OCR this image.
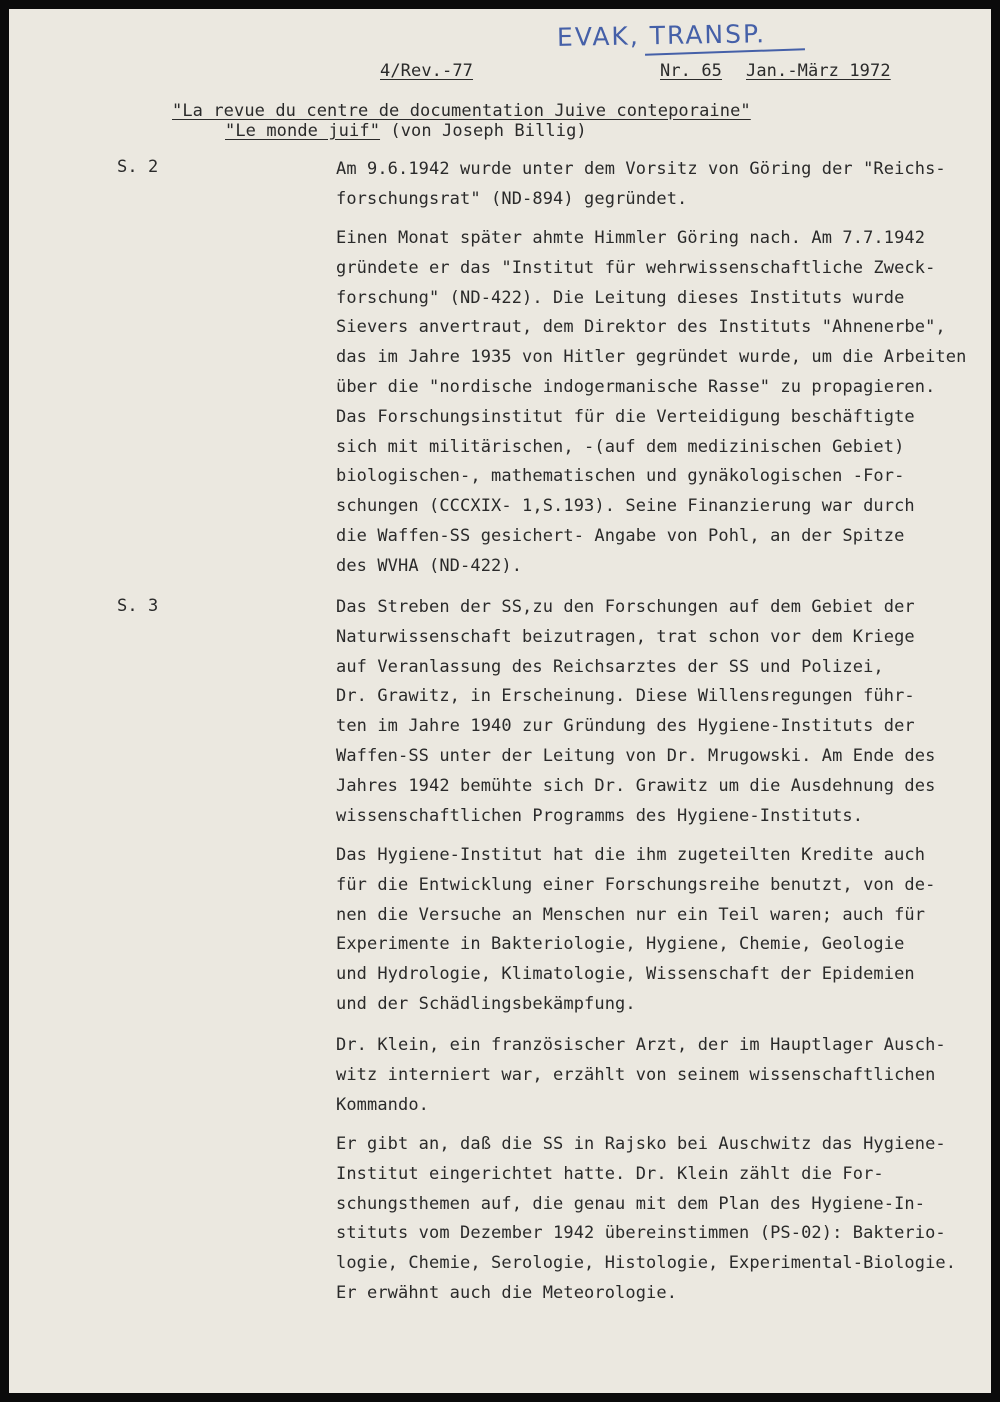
EVAK, TRANSP.
4/Rev.-77	Nr. 65 Jan.-März 1972
"La revue du centre de documentation Juive conteporaine"
"Le monde juif" (von Joseph Billig)
S. 2	Am 9.6.1942 wurde unter dem Vorsitz von Göring der "Reichs-
forschungsrat" (ND-894) gegründet.
Einen Monat später ahmte Himmler Göring nach. Am 7.7.1942
gründete er das "Institut für wehrwissenschaftliche Zweck-
forschung" (ND-422). Die Leitung dieses Instituts wurde
Sievers anvertraut, dem Direktor des Instituts "Ahnenerbe",
das im Jahre 1935 von Hitler gegründet wurde, um die Arbeiten
über die "nordische indogermanische Rasse" zu propagieren.
Das Forschungsinstitut für die Verteidigung beschäftigte
sich mit militärischen, -(auf dem medizinischen Gebiet)
biologischen-, mathematischen und gynäkologischen -For-
schungen (CCCXIX- 1,S.193). Seine Finanzierung war durch
die Waffen-SS gesichert- Angabe von Pohl, an der Spitze
des WVHA (ND-422).
S. 3	Das Streben der SS,zu den Forschungen auf dem Gebiet der
Naturwissenschaft beizutragen, trat schon vor dem Kriege
auf Veranlassung des Reichsarztes der SS und Polizei,
Dr. Grawitz, in Erscheinung. Diese Willensregungen führ-
ten im Jahre 1940 zur Gründung des Hygiene-Instituts der
Waffen-SS unter der Leitung von Dr. Mrugowski. Am Ende des
Jahres 1942 bemühte sich Dr. Grawitz um die Ausdehnung des
wissenschaftlichen Programms des Hygiene-Instituts.
Das Hygiene-Institut hat die ihm zugeteilten Kredite auch
für die Entwicklung einer Forschungsreihe benutzt, von de-
nen die Versuche an Menschen nur ein Teil waren; auch für
Experimente in Bakteriologie, Hygiene, Chemie, Geologie
und Hydrologie, Klimatologie, Wissenschaft der Epidemien
und der Schädlingsbekämpfung.
Dr. Klein, ein französischer Arzt, der im Hauptlager Ausch-
witz interniert war, erzählt von seinem wissenschaftlichen
Kommando.
Er gibt an, daß die SS in Rajsko bei Auschwitz das Hygiene-
Institut eingerichtet hatte. Dr. Klein zählt die For-
schungsthemen auf, die genau mit dem Plan des Hygiene-In-
stituts vom Dezember 1942 übereinstimmen (PS-02): Bakterio-
logie, Chemie, Serologie, Histologie, Experimental-Biologie.
Er erwähnt auch die Meteorologie.
